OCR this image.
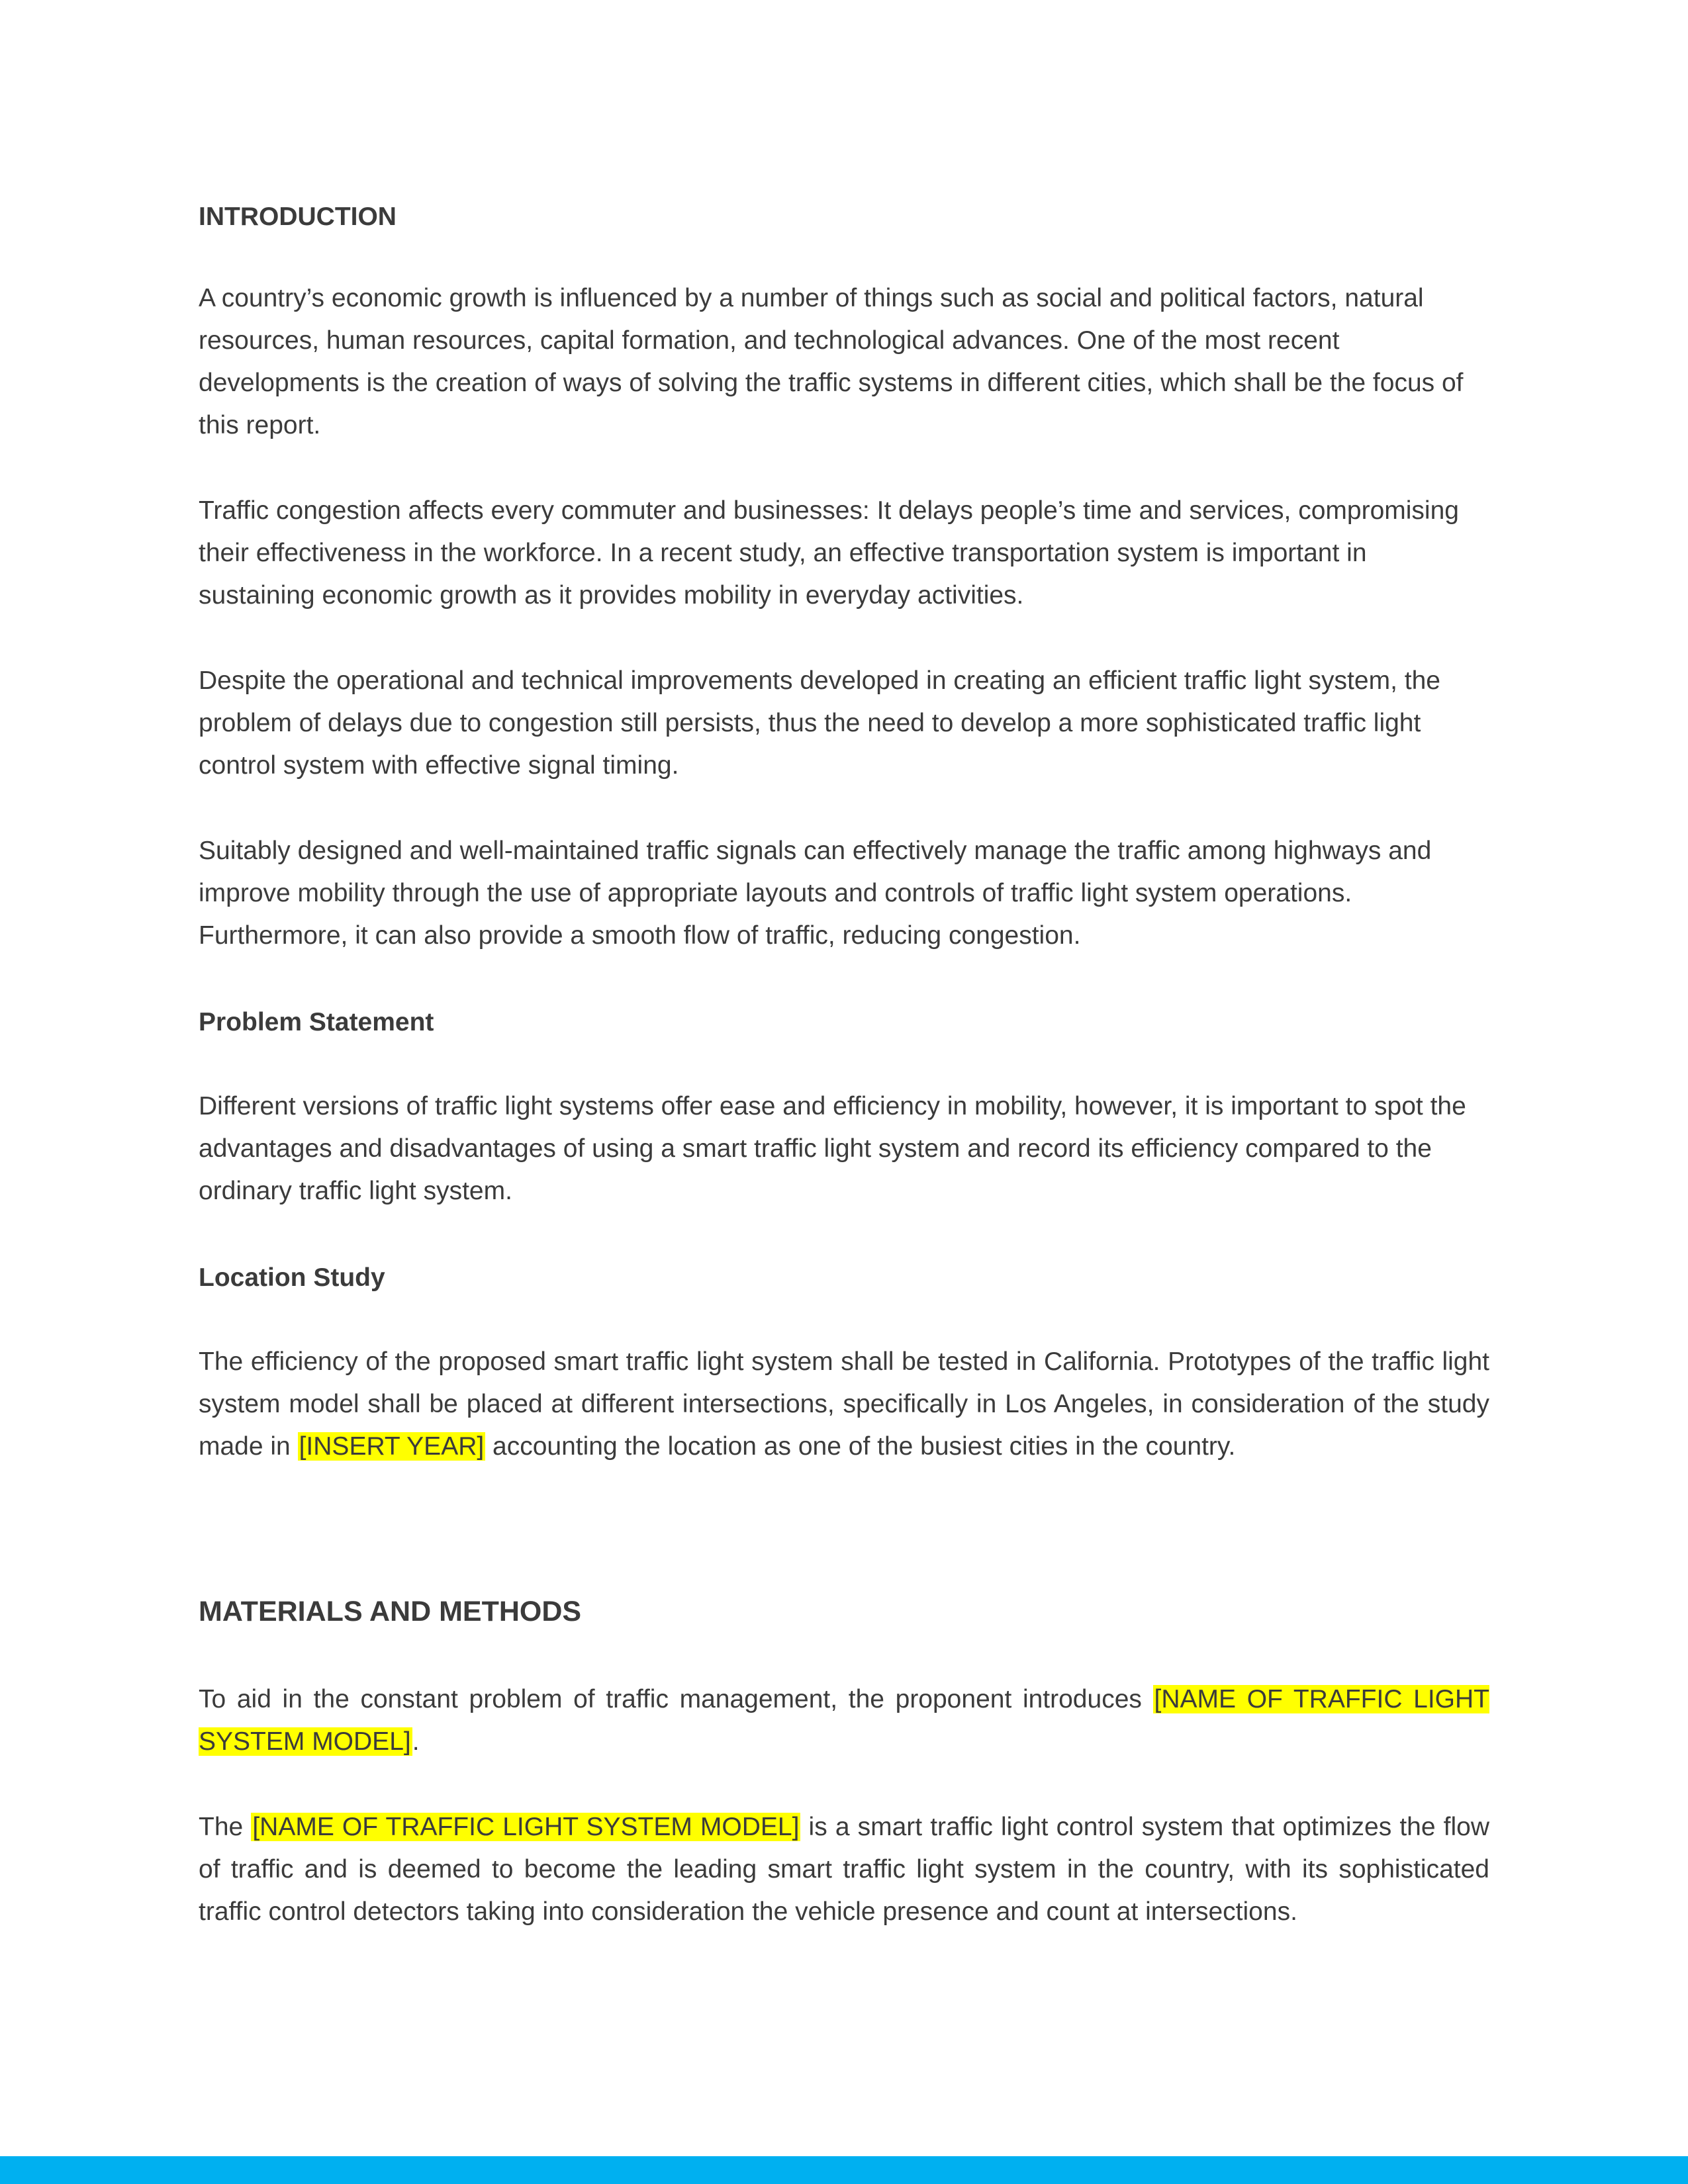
INTRODUCTION

A country’s economic growth is influenced by a number of things such as social and political factors, natural resources, human resources, capital formation, and technological advances. One of the most recent developments is the creation of ways of solving the traffic systems in different cities, which shall be the focus of this report.

Traffic congestion affects every commuter and businesses: It delays people’s time and services, compromising their effectiveness in the workforce. In a recent study, an effective transportation system is important in sustaining economic growth as it provides mobility in everyday activities.

Despite the operational and technical improvements developed in creating an efficient traffic light system, the problem of delays due to congestion still persists, thus the need to develop a more sophisticated traffic light control system with effective signal timing.

Suitably designed and well-maintained traffic signals can effectively manage the traffic among highways and improve mobility through the use of appropriate layouts and controls of traffic light system operations. Furthermore, it can also provide a smooth flow of traffic, reducing congestion.

Problem Statement

Different versions of traffic light systems offer ease and efficiency in mobility, however, it is important to spot the advantages and disadvantages of using a smart traffic light system and record its efficiency compared to the ordinary traffic light system.

Location Study

The efficiency of the proposed smart traffic light system shall be tested in California. Prototypes of the traffic light system model shall be placed at different intersections, specifically in Los Angeles, in consideration of the study made in [INSERT YEAR] accounting the location as one of the busiest cities in the country.

MATERIALS AND METHODS

To aid in the constant problem of traffic management, the proponent introduces [NAME OF TRAFFIC LIGHT SYSTEM MODEL].

The [NAME OF TRAFFIC LIGHT SYSTEM MODEL] is a smart traffic light control system that optimizes the flow of traffic and is deemed to become the leading smart traffic light system in the country, with its sophisticated traffic control detectors taking into consideration the vehicle presence and count at intersections.
